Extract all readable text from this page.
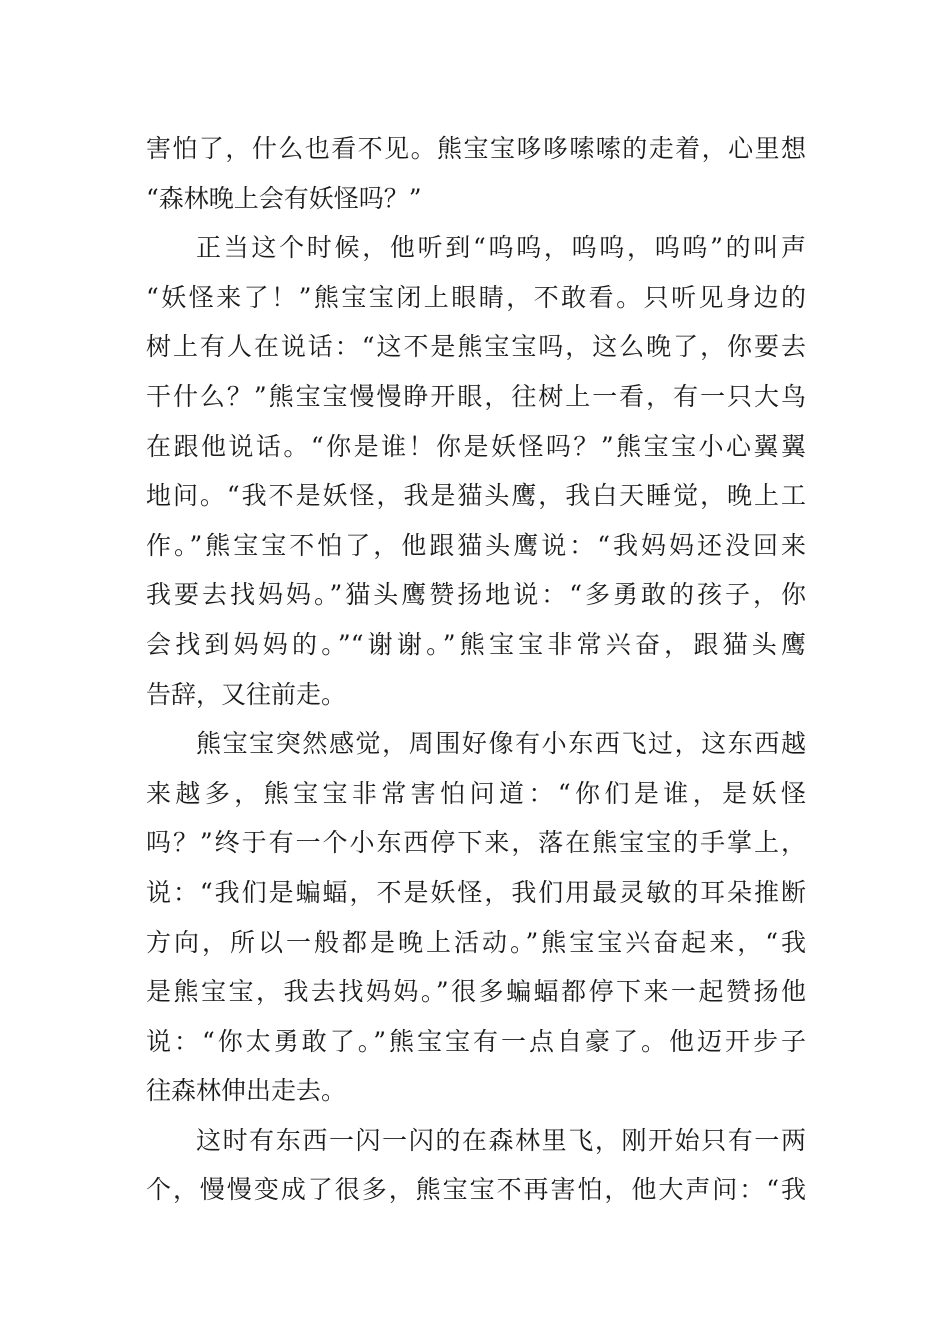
害怕了，什么也看不见。熊宝宝哆哆嗦嗦的走着，心里想
“森林晚上会有妖怪吗？”

正当这个时候，他听到“呜呜，呜呜，呜呜”的叫声
“妖怪来了！”熊宝宝闭上眼睛，不敢看。只听见身边的
树上有人在说话：“这不是熊宝宝吗，这么晚了，你要去
干什么？”熊宝宝慢慢睁开眼，往树上一看，有一只大鸟
在跟他说话。“你是谁！你是妖怪吗？”熊宝宝小心翼翼
地问。“我不是妖怪，我是猫头鹰，我白天睡觉，晚上工
作。”熊宝宝不怕了，他跟猫头鹰说：“我妈妈还没回来
我要去找妈妈。”猫头鹰赞扬地说：“多勇敢的孩子，你
会找到妈妈的。”“谢谢。”熊宝宝非常兴奋，跟猫头鹰
告辞，又往前走。

熊宝宝突然感觉，周围好像有小东西飞过，这东西越
来越多，熊宝宝非常害怕问道：“你们是谁，是妖怪
吗？”终于有一个小东西停下来，落在熊宝宝的手掌上，
说：“我们是蝙蝠，不是妖怪，我们用最灵敏的耳朵推断
方向，所以一般都是晚上活动。”熊宝宝兴奋起来，“我
是熊宝宝，我去找妈妈。”很多蝙蝠都停下来一起赞扬他
说：“你太勇敢了。”熊宝宝有一点自豪了。他迈开步子
往森林伸出走去。

这时有东西一闪一闪的在森林里飞，刚开始只有一两
个，慢慢变成了很多，熊宝宝不再害怕，他大声问：“我
